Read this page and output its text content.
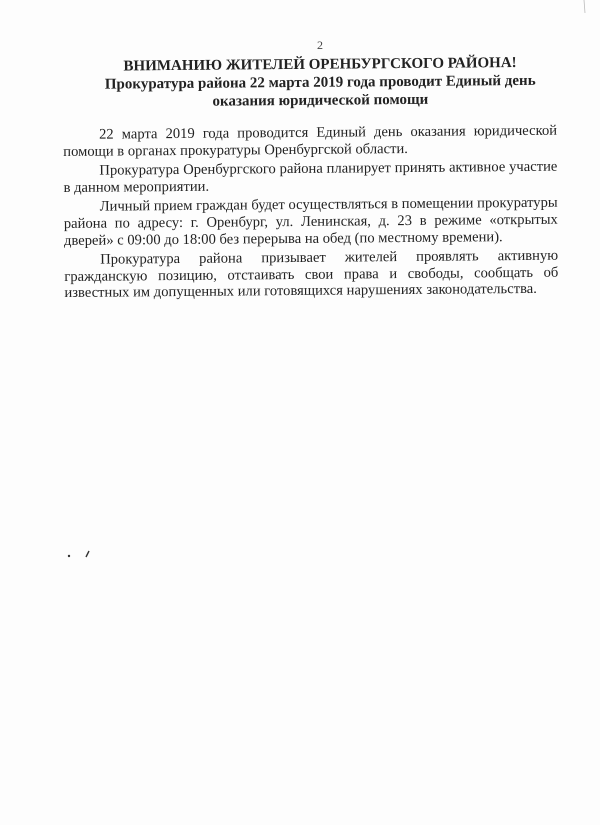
2
ВНИМАНИЮ ЖИТЕЛЕЙ ОРЕНБУРГСКОГО РАЙОНА!
Прокуратура района 22 марта 2019 года проводит Единый день
оказания юридической помощи

22 марта 2019 года проводится Единый день оказания юридической помощи в органах прокуратуры Оренбургской области.

Прокуратура Оренбургского района планирует принять активное участие в данном мероприятии.

Личный прием граждан будет осуществляться в помещении прокуратуры района по адресу: г. Оренбург, ул. Ленинская, д. 23 в режиме «открытых дверей» с 09:00 до 18:00 без перерыва на обед (по местному времени).

Прокуратура района призывает жителей проявлять активную гражданскую позицию, отстаивать свои права и свободы, сообщать об известных им допущенных или готовящихся нарушениях законодательства.
